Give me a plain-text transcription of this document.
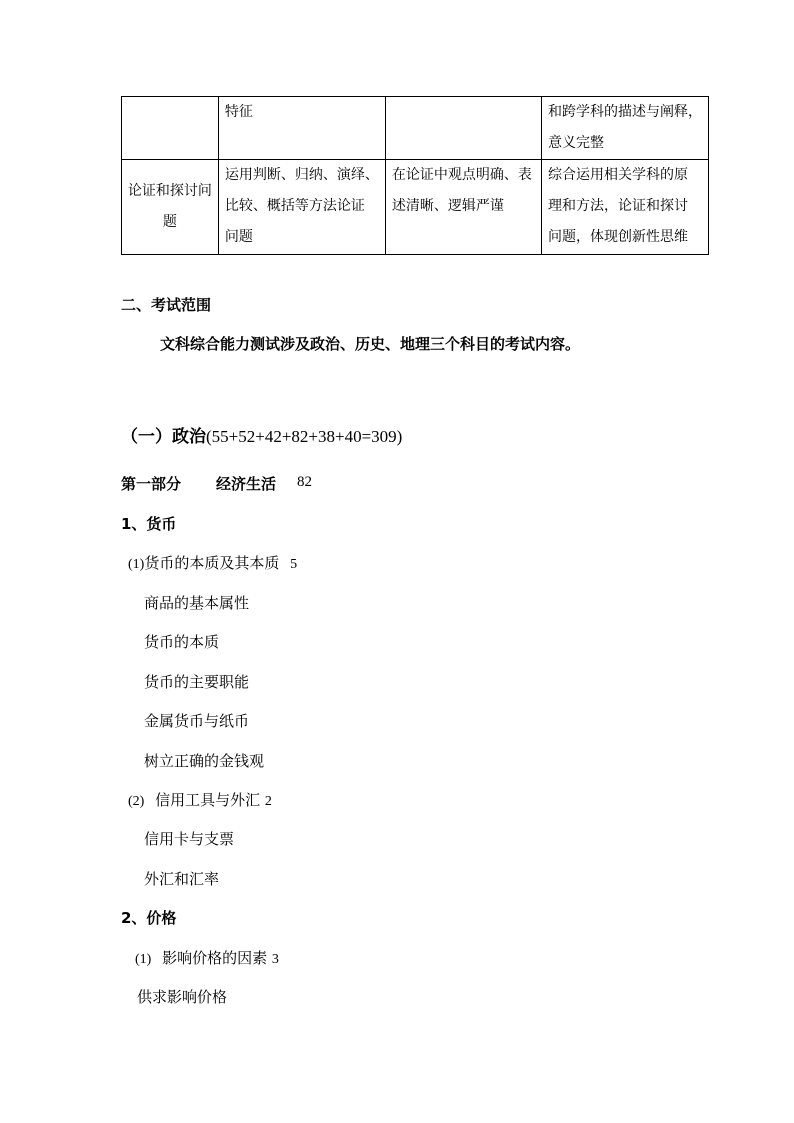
	特征		和跨学科的描述与阐释，
意义完整

论证和探讨问题	运用判断、归纳、演绎、
比较、概括等方法论证
问题	在论证中观点明确、表
述清晰、逻辑严谨	综合运用相关学科的原
理和方法，论证和探讨
问题，体现创新性思维
二、考试范围
文科综合能力测试涉及政治、历史、地理三个科目的考试内容。
（一）政治(55+52+42+82+38+40=309)
第一部分 经济生活 82
1、货币
(1)货币的本质及其本质 5
商品的基本属性
货币的本质
货币的主要职能
金属货币与纸币
树立正确的金钱观
(2) 信用工具与外汇 2
信用卡与支票
外汇和汇率
2、价格
(1) 影响价格的因素 3
供求影响价格
